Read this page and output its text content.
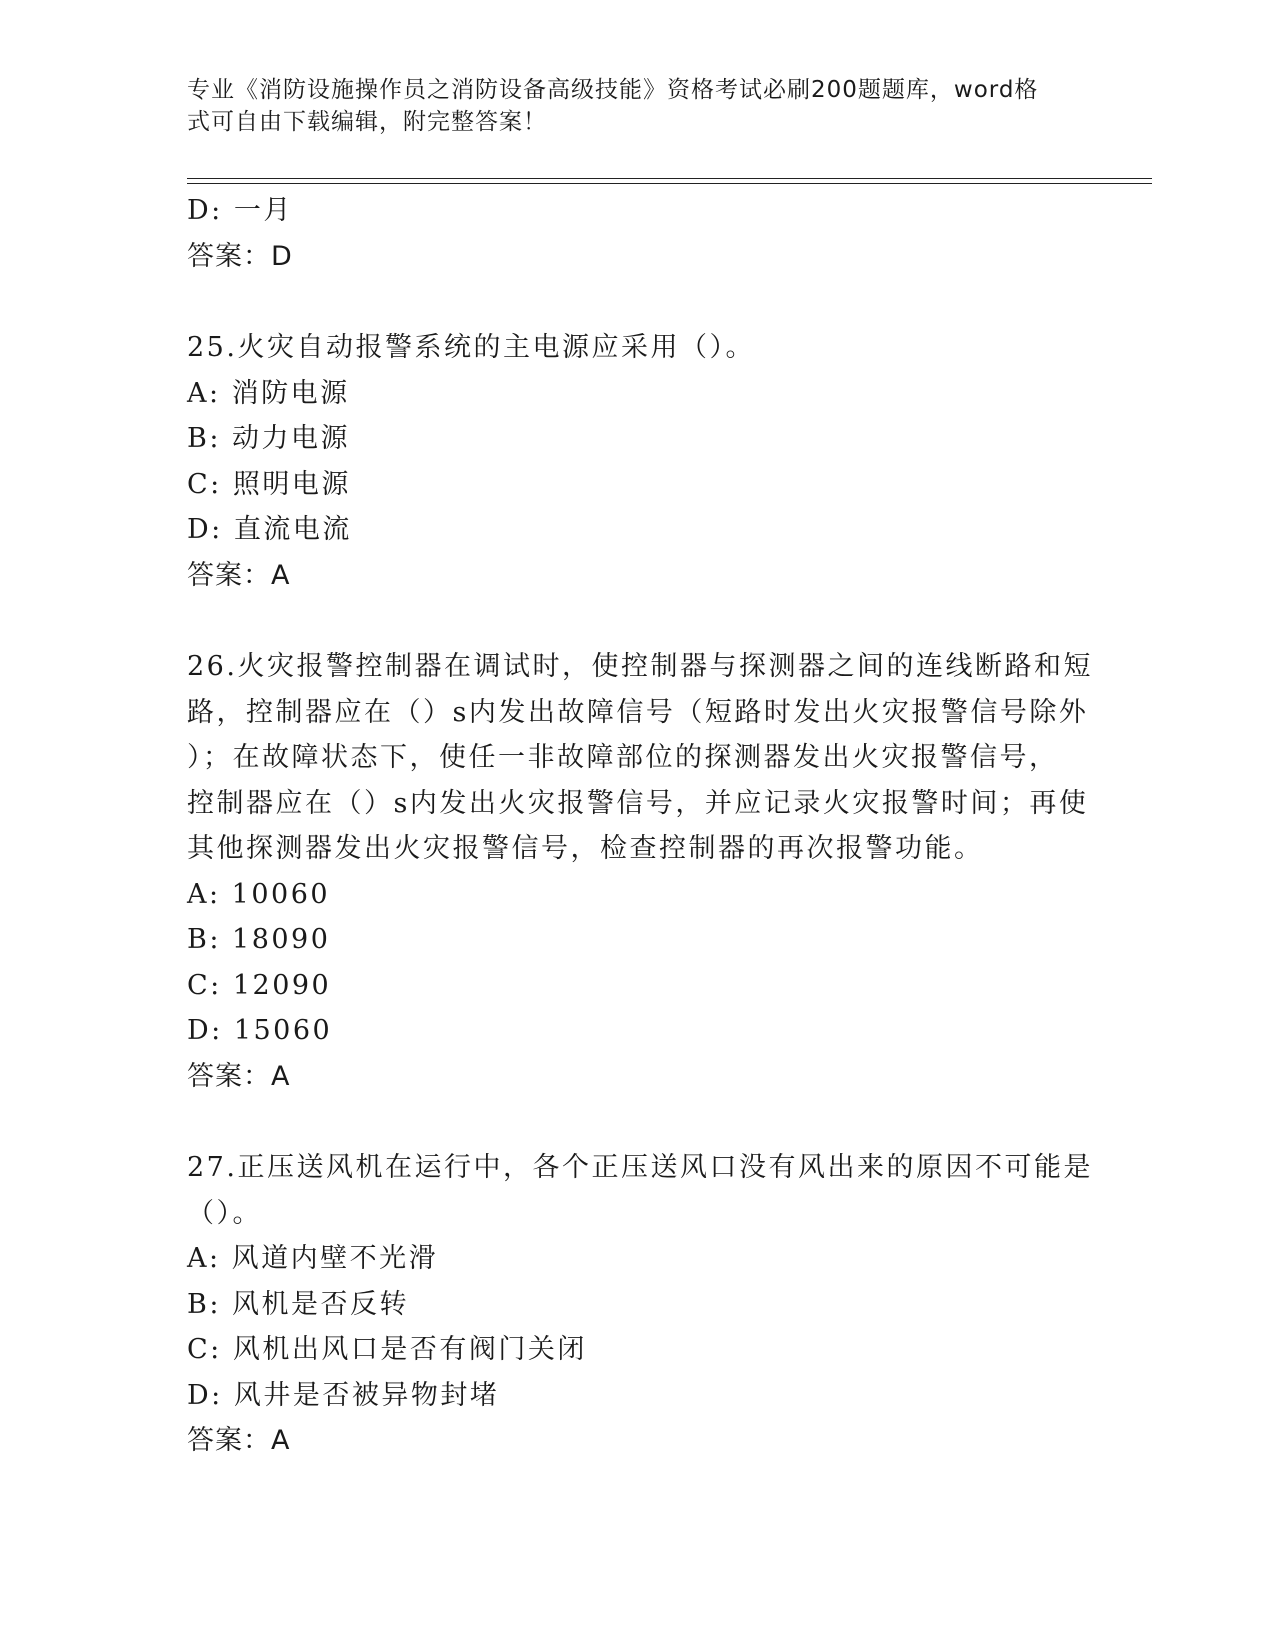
专业《消防设施操作员之消防设备高级技能》资格考试必刷200题题库，word格
式可自由下载编辑，附完整答案！
D: 一月
答案：D
25.火灾自动报警系统的主电源应采用（）。
A: 消防电源
B: 动力电源
C: 照明电源
D: 直流电流
答案：A
26.火灾报警控制器在调试时，使控制器与探测器之间的连线断路和短
路，控制器应在（）s内发出故障信号（短路时发出火灾报警信号除外
）；在故障状态下，使任一非故障部位的探测器发出火灾报警信号，
控制器应在（）s内发出火灾报警信号，并应记录火灾报警时间；再使
其他探测器发出火灾报警信号，检查控制器的再次报警功能。
A: 10060
B: 18090
C: 12090
D: 15060
答案：A
27.正压送风机在运行中，各个正压送风口没有风出来的原因不可能是
（）。
A: 风道内壁不光滑
B: 风机是否反转
C: 风机出风口是否有阀门关闭
D: 风井是否被异物封堵
答案：A
